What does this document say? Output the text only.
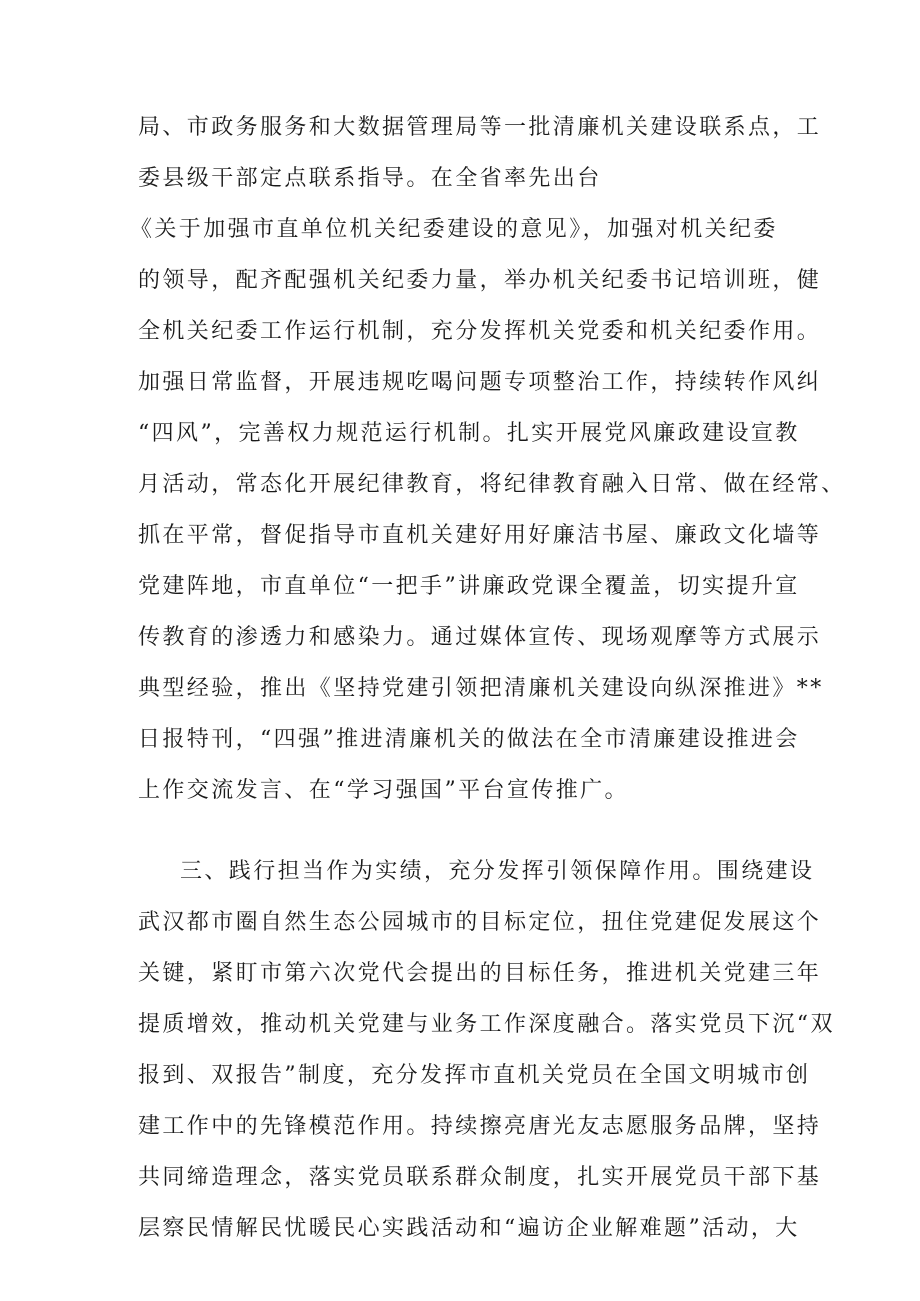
局、市政务服务和大数据管理局等一批清廉机关建设联系点，工
委县级干部定点联系指导。在全省率先出台
《关于加强市直单位机关纪委建设的意见》，加强对机关纪委
的领导，配齐配强机关纪委力量，举办机关纪委书记培训班，健
全机关纪委工作运行机制，充分发挥机关党委和机关纪委作用。
加强日常监督，开展违规吃喝问题专项整治工作，持续转作风纠
“四风”，完善权力规范运行机制。扎实开展党风廉政建设宣教
月活动，常态化开展纪律教育，将纪律教育融入日常、做在经常、
抓在平常，督促指导市直机关建好用好廉洁书屋、廉政文化墙等
党建阵地，市直单位“一把手”讲廉政党课全覆盖，切实提升宣
传教育的渗透力和感染力。通过媒体宣传、现场观摩等方式展示
典型经验，推出《坚持党建引领把清廉机关建设向纵深推进》**
日报特刊，“四强”推进清廉机关的做法在全市清廉建设推进会
上作交流发言、在“学习强国”平台宣传推广。
三、践行担当作为实绩，充分发挥引领保障作用。围绕建设
武汉都市圈自然生态公园城市的目标定位，扭住党建促发展这个
关键，紧盯市第六次党代会提出的目标任务，推进机关党建三年
提质增效，推动机关党建与业务工作深度融合。落实党员下沉“双
报到、双报告”制度，充分发挥市直机关党员在全国文明城市创
建工作中的先锋模范作用。持续擦亮唐光友志愿服务品牌，坚持
共同缔造理念，落实党员联系群众制度，扎实开展党员干部下基
层察民情解民忧暖民心实践活动和“遍访企业解难题”活动，大
